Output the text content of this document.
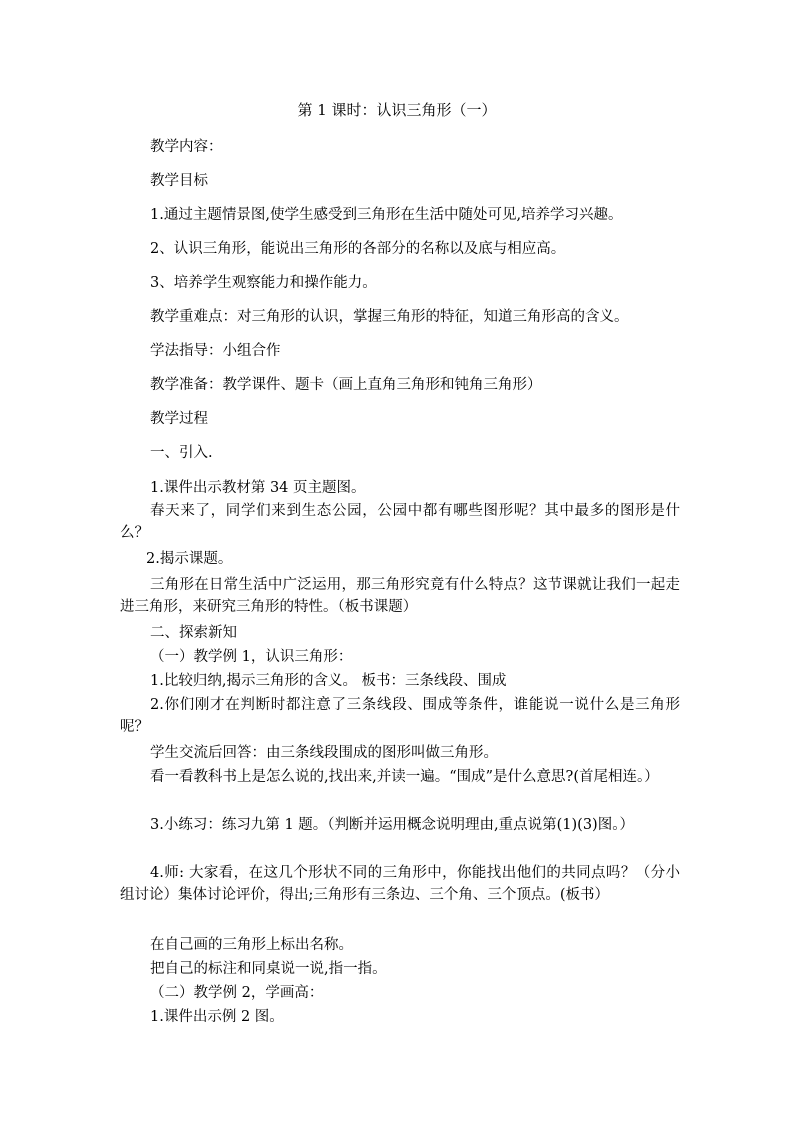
第 1 课时：认识三角形（一）
教学内容：
教学目标
1.通过主题情景图,使学生感受到三角形在生活中随处可见,培养学习兴趣。
2、认识三角形，能说出三角形的各部分的名称以及底与相应高。
3、培养学生观察能力和操作能力。
教学重难点：对三角形的认识，掌握三角形的特征，知道三角形高的含义。
学法指导：小组合作
教学准备：教学课件、题卡（画上直角三角形和钝角三角形）
教学过程
一、引入.
1.课件出示教材第 34 页主题图。
春天来了，同学们来到生态公园，公园中都有哪些图形呢？其中最多的图形是什么？
2.揭示课题。
三角形在日常生活中广泛运用，那三角形究竟有什么特点？这节课就让我们一起走进三角形，来研究三角形的特性。（板书课题）
二、探索新知
（一）教学例 1，认识三角形：
1.比较归纳,揭示三角形的含义。 板书：三条线段、围成
2.你们刚才在判断时都注意了三条线段、围成等条件，谁能说一说什么是三角形呢？
学生交流后回答：由三条线段围成的图形叫做三角形。
看一看教科书上是怎么说的,找出来,并读一遍。“围成”是什么意思?(首尾相连。）
3.小练习：练习九第 1 题。（判断并运用概念说明理由,重点说第(1)(3)图。）
4.师: 大家看，在这几个形状不同的三角形中，你能找出他们的共同点吗？（分小组讨论）集体讨论评价，得出;三角形有三条边、三个角、三个顶点。(板书）
在自己画的三角形上标出名称。
把自己的标注和同桌说一说,指一指。
（二）教学例 2，学画高：
1.课件出示例 2 图。
